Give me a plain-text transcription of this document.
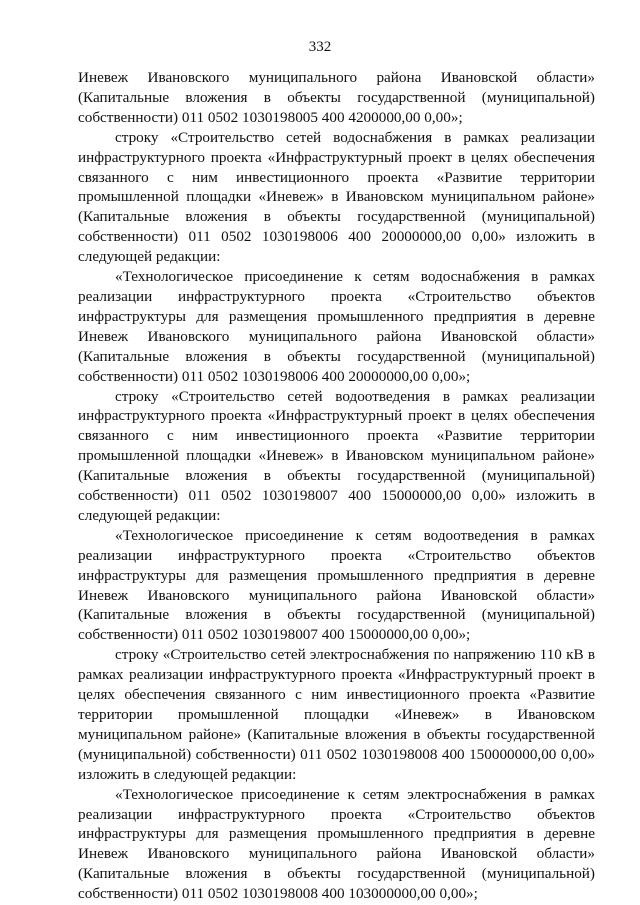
332

Иневеж Ивановского муниципального района Ивановской области» (Капитальные вложения в объекты государственной (муниципальной) собственности) 011 0502 1030198005 400 4200000,00 0,00»;

строку «Строительство сетей водоснабжения в рамках реализации инфраструктурного проекта «Инфраструктурный проект в целях обеспечения связанного с ним инвестиционного проекта «Развитие территории промышленной площадки «Иневеж» в Ивановском муниципальном районе» (Капитальные вложения в объекты государственной (муниципальной) собственности) 011 0502 1030198006 400 20000000,00 0,00» изложить в следующей редакции:

«Технологическое присоединение к сетям водоснабжения в рамках реализации инфраструктурного проекта «Строительство объектов инфраструктуры для размещения промышленного предприятия в деревне Иневеж Ивановского муниципального района Ивановской области» (Капитальные вложения в объекты государственной (муниципальной) собственности) 011 0502 1030198006 400 20000000,00 0,00»;

строку «Строительство сетей водоотведения в рамках реализации инфраструктурного проекта «Инфраструктурный проект в целях обеспечения связанного с ним инвестиционного проекта «Развитие территории промышленной площадки «Иневеж» в Ивановском муниципальном районе» (Капитальные вложения в объекты государственной (муниципальной) собственности) 011 0502 1030198007 400 15000000,00 0,00» изложить в следующей редакции:

«Технологическое присоединение к сетям водоотведения в рамках реализации инфраструктурного проекта «Строительство объектов инфраструктуры для размещения промышленного предприятия в деревне Иневеж Ивановского муниципального района Ивановской области» (Капитальные вложения в объекты государственной (муниципальной) собственности) 011 0502 1030198007 400 15000000,00 0,00»;

строку «Строительство сетей электроснабжения по напряжению 110 кВ в рамках реализации инфраструктурного проекта «Инфраструктурный проект в целях обеспечения связанного с ним инвестиционного проекта «Развитие территории промышленной площадки «Иневеж» в Ивановском муниципальном районе» (Капитальные вложения в объекты государственной (муниципальной) собственности) 011 0502 1030198008 400 150000000,00 0,00» изложить в следующей редакции:

«Технологическое присоединение к сетям электроснабжения в рамках реализации инфраструктурного проекта «Строительство объектов инфраструктуры для размещения промышленного предприятия в деревне Иневеж Ивановского муниципального района Ивановской области» (Капитальные вложения в объекты государственной (муниципальной) собственности) 011 0502 1030198008 400 103000000,00 0,00»;
